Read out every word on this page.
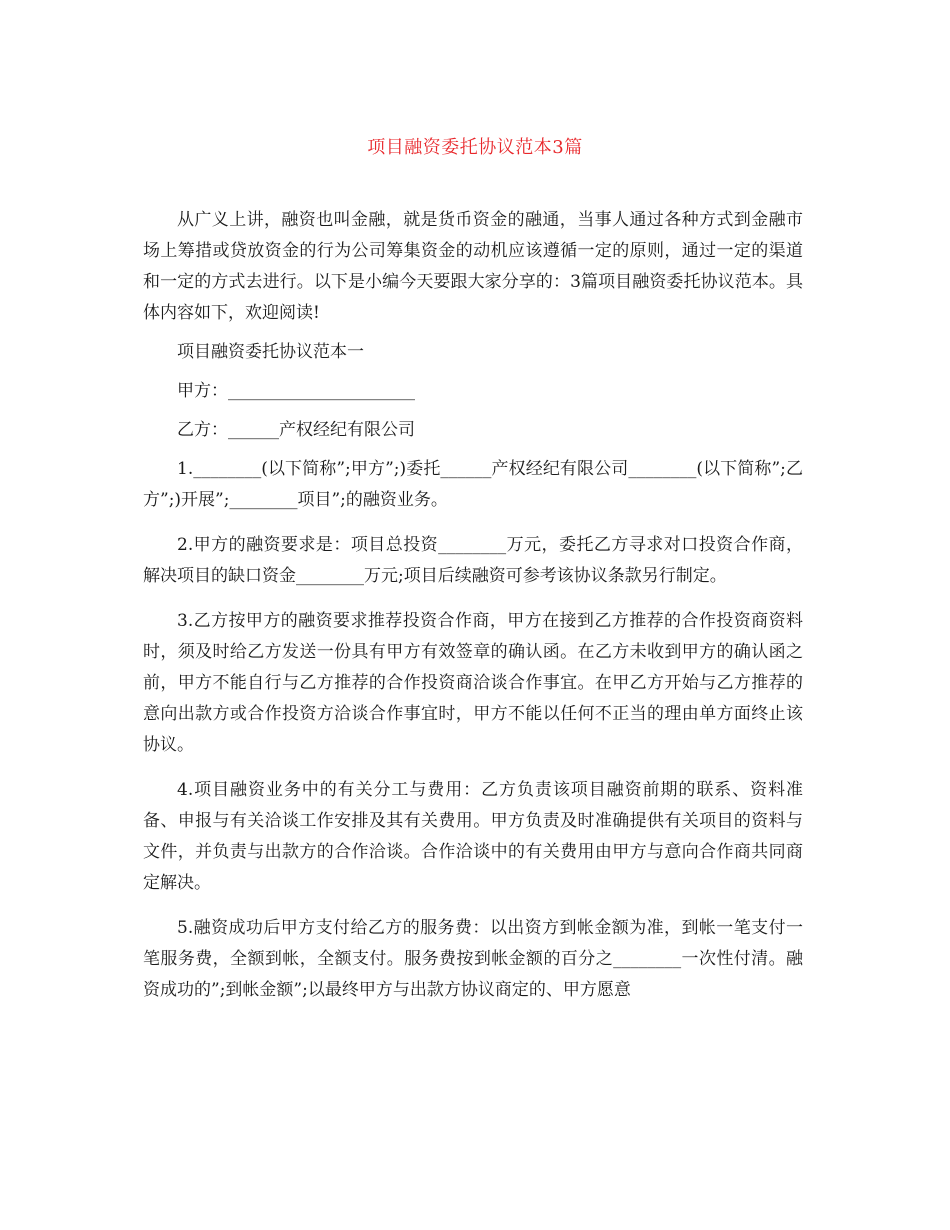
项目融资委托协议范本3篇

从广义上讲，融资也叫金融，就是货币资金的融通，当事人通过各种方式到金融市场上筹措或贷放资金的行为公司筹集资金的动机应该遵循一定的原则，通过一定的渠道和一定的方式去进行。以下是小编今天要跟大家分享的：3篇项目融资委托协议范本。具体内容如下，欢迎阅读!

项目融资委托协议范本一

甲方：______________________

乙方：______产权经纪有限公司

1.________(以下简称”;甲方”;)委托______产权经纪有限公司________(以下简称”;乙方”;)开展”;________项目”;的融资业务。

2.甲方的融资要求是：项目总投资________万元，委托乙方寻求对口投资合作商，解决项目的缺口资金________万元;项目后续融资可参考该协议条款另行制定。

3.乙方按甲方的融资要求推荐投资合作商，甲方在接到乙方推荐的合作投资商资料时，须及时给乙方发送一份具有甲方有效签章的确认函。在乙方未收到甲方的确认函之前，甲方不能自行与乙方推荐的合作投资商洽谈合作事宜。在甲乙方开始与乙方推荐的意向出款方或合作投资方洽谈合作事宜时，甲方不能以任何不正当的理由单方面终止该协议。

4.项目融资业务中的有关分工与费用：乙方负责该项目融资前期的联系、资料准备、申报与有关洽谈工作安排及其有关费用。甲方负责及时准确提供有关项目的资料与文件，并负责与出款方的合作洽谈。合作洽谈中的有关费用由甲方与意向合作商共同商定解决。

5.融资成功后甲方支付给乙方的服务费：以出资方到帐金额为准，到帐一笔支付一笔服务费，全额到帐，全额支付。服务费按到帐金额的百分之________一次性付清。融资成功的”;到帐金额”;以最终甲方与出款方协议商定的、甲方愿意
